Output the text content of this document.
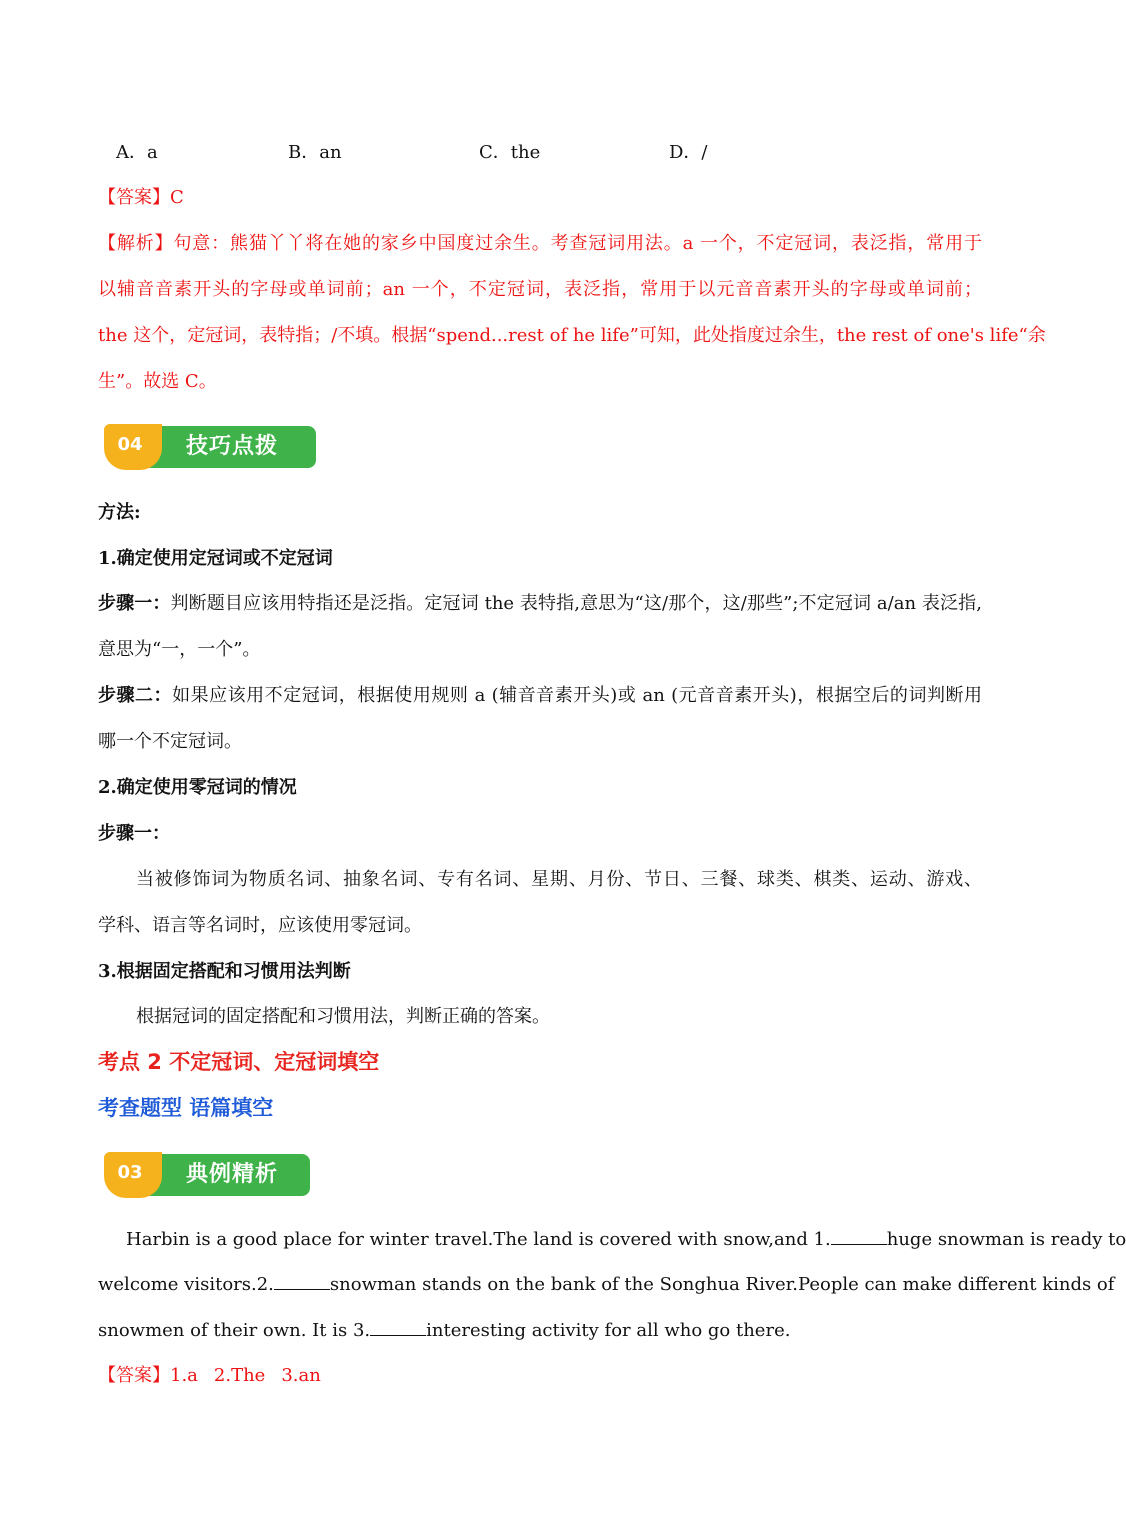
A．a	B．an	C．the	D．/
【答案】C
【解析】句意：熊猫丫丫将在她的家乡中国度过余生。考查冠词用法。a 一个，不定冠词，表泛指，常用于
以辅音音素开头的字母或单词前；an 一个，不定冠词，表泛指，常用于以元音音素开头的字母或单词前；
the 这个，定冠词，表特指；/不填。根据“spend...rest of he life”可知，此处指度过余生，the rest of one's life“余
生”。故选 C。
04	技巧点拨
方法:
1.确定使用定冠词或不定冠词
步骤一：判断题目应该用特指还是泛指。定冠词 the 表特指,意思为“这/那个，这/那些”;不定冠词 a/an 表泛指,
意思为“一，一个”。
步骤二：如果应该用不定冠词，根据使用规则 a (辅音音素开头)或 an (元音音素开头)，根据空后的词判断用
哪一个不定冠词。
2.确定使用零冠词的情况
步骤一：
当被修饰词为物质名词、抽象名词、专有名词、星期、月份、节日、三餐、球类、棋类、运动、游戏、
学科、语言等名词时，应该使用零冠词。
3.根据固定搭配和习惯用法判断
根据冠词的固定搭配和习惯用法，判断正确的答案。
考点 2 不定冠词、定冠词填空
考查题型 语篇填空
03	典例精析
Harbin is a good place for winter travel.The land is covered with snow,and 1.	huge snowman is ready to
welcome visitors.2.	snowman stands on the bank of the Songhua River.People can make different kinds of
snowmen of their own. It is 3.	interesting activity for all who go there.
【答案】1.a 2.The 3.an
